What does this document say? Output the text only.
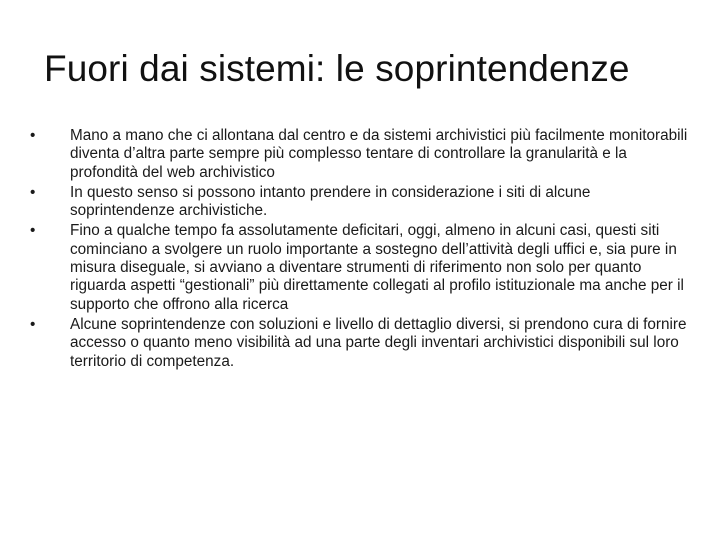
Fuori dai sistemi: le soprintendenze
•	Mano a mano che ci allontana dal centro e da sistemi archivistici più facilmente monitorabili diventa d’altra parte sempre più complesso tentare di controllare la granularità e la profondità del web archivistico
•	In questo senso si possono intanto prendere in considerazione i siti di alcune soprintendenze archivistiche.
•	Fino a qualche tempo fa assolutamente deficitari, oggi, almeno in alcuni casi, questi siti cominciano a svolgere un ruolo importante a sostegno dell’attività degli uffici e, sia pure in misura diseguale, si avviano a diventare strumenti di riferimento non solo per quanto riguarda aspetti “gestionali” più direttamente collegati al profilo istituzionale ma anche per il supporto che offrono alla ricerca
•	Alcune soprintendenze con soluzioni e livello di dettaglio diversi, si prendono cura di fornire accesso o quanto meno visibilità ad una parte degli inventari archivistici disponibili sul loro territorio di competenza.
